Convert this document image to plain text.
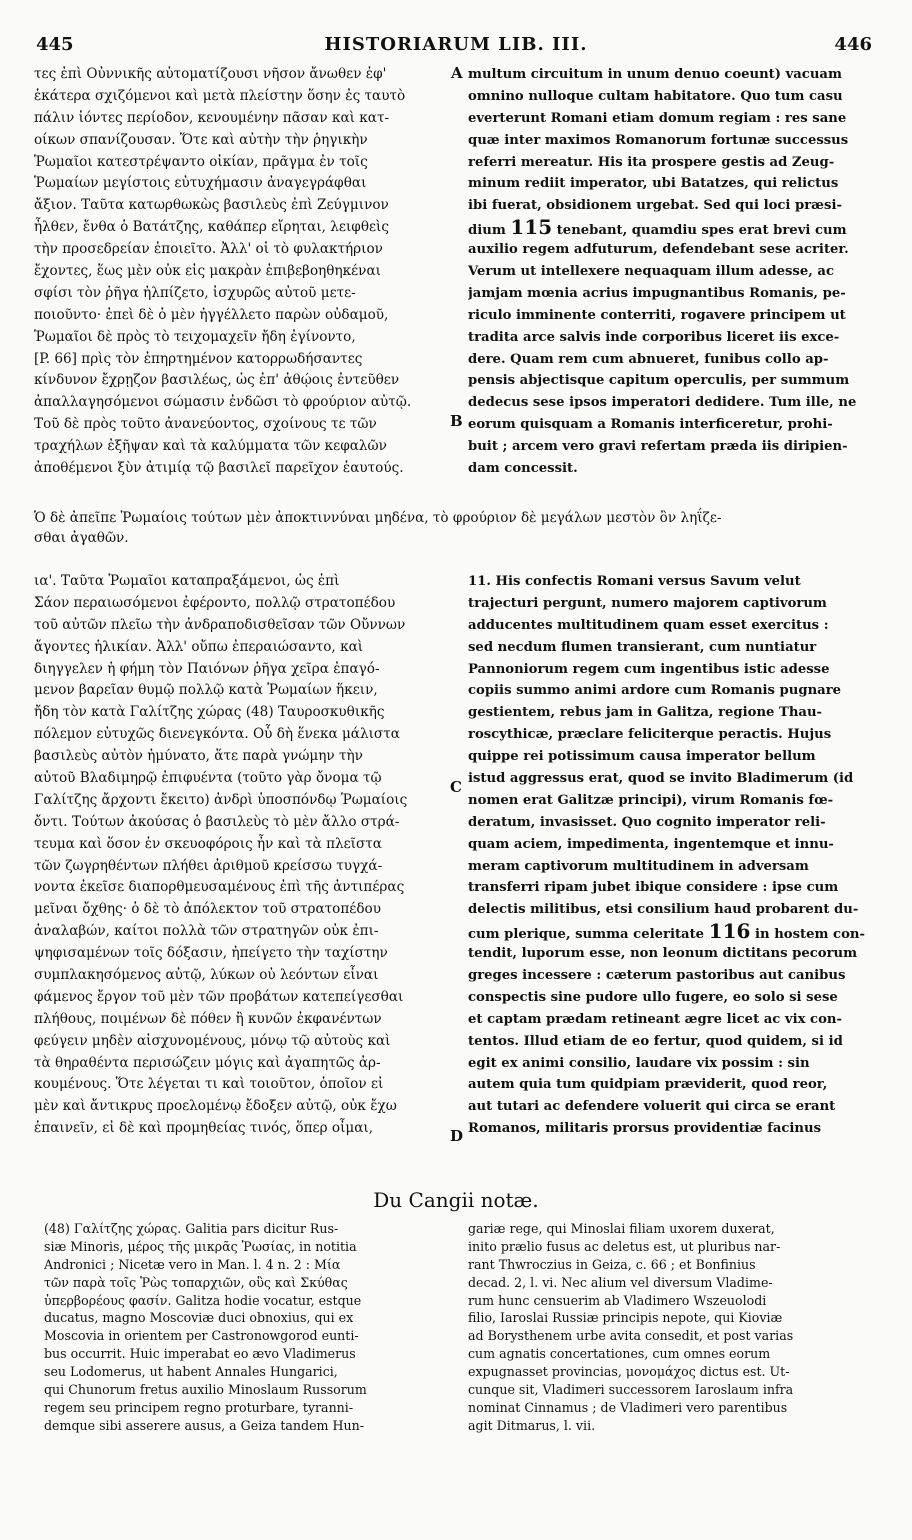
445	HISTORIARUM LIB. III.	446
A
B
C
D
τες ἐπὶ Οὐννικῆς αὐτοματίζουσι νῆσον ἄνωθεν ἐφ'
ἑκάτερα σχιζόμενοι καὶ μετὰ πλείστην ὅσην ἐς ταυτὸ
πάλιν ἰόντες περίοδον, κενουμένην πᾶσαν καὶ κατ-
οίκων σπανίζουσαν. Ὅτε καὶ αὐτὴν τὴν ῥηγικὴν
Ῥωμαῖοι κατεστρέψαντο οἰκίαν, πρᾶγμα ἐν τοῖς
Ῥωμαίων μεγίστοις εὐτυχήμασιν ἀναγεγράφθαι
ἄξιον. Ταῦτα κατωρθωκὼς βασιλεὺς ἐπὶ Ζεύγμινον
ἦλθεν, ἔνθα ὁ Βατάτζης, καθάπερ εἴρηται, λειφθεὶς
τὴν προσεδρείαν ἐποιεῖτο. Ἀλλ' οἱ τὸ φυλακτήριον
ἔχοντες, ἕως μὲν οὐκ εἰς μακρὰν ἐπιβεβοηθηκέναι
σφίσι τὸν ῥῆγα ἠλπίζετο, ἰσχυρῶς αὐτοῦ μετε-
ποιοῦντο· ἐπεὶ δὲ ὁ μὲν ἠγγέλλετο παρὼν οὐδαμοῦ,
Ῥωμαῖοι δὲ πρὸς τὸ τειχομαχεῖν ἤδη ἐγίνοντο,
[P. 66] πρὶς τὸν ἐπηρτημένον κατορρωδήσαντες
κίνδυνον ἔχρῃζον βασιλέως, ὡς ἐπ' ἀθῴοις ἐντεῦθεν
ἀπαλλαγησόμενοι σώμασιν ἐνδῶσι τὸ φρούριον αὐτῷ.
Τοῦ δὲ πρὸς τοῦτο ἀνανεύοντος, σχοίνους τε τῶν
τραχήλων ἐξῆψαν καὶ τὰ καλύμματα τῶν κεφαλῶν
ἀποθέμενοι ξὺν ἀτιμίᾳ τῷ βασιλεῖ παρεῖχον ἑαυτούς.
multum circuitum in unum denuo coeunt) vacuam
omnino nulloque cultam habitatore. Quo tum casu
everterunt Romani etiam domum regiam : res sane
quæ inter maximos Romanorum fortunæ successus
referri mereatur. His ita prospere gestis ad Zeug-
minum rediit imperator, ubi Batatzes, qui relictus
ibi fuerat, obsidionem urgebat. Sed qui loci præsi-
dium 115 tenebant, quamdiu spes erat brevi cum
auxilio regem adfuturum, defendebant sese acriter.
Verum ut intellexere nequaquam illum adesse, ac
jamjam mœnia acrius impugnantibus Romanis, pe-
riculo imminente conterriti, rogavere principem ut
tradita arce salvis inde corporibus liceret iis exce-
dere. Quam rem cum abnueret, funibus collo ap-
pensis abjectisque capitum operculis, per summum
dedecus sese ipsos imperatori dedidere. Tum ille, ne
eorum quisquam a Romanis interficeretur, prohi-
buit ; arcem vero gravi refertam præda iis diripien-
dam concessit.
Ὁ δὲ ἀπεῖπε Ῥωμαίοις τούτων μὲν ἀποκτιννύναι μηδένα, τὸ φρούριον δὲ μεγάλων μεστὸν ὂν ληΐζε-
σθαι ἀγαθῶν.
ια'. Ταῦτα Ῥωμαῖοι καταπραξάμενοι, ὡς ἐπὶ
Σάον περαιωσόμενοι ἐφέροντο, πολλῷ στρατοπέδου
τοῦ αὐτῶν πλεῖω τὴν ἀνδραποδισθεῖσαν τῶν Οὔννων
ἄγοντες ἡλικίαν. Ἀλλ' οὔπω ἐπεραιώσαντο, καὶ
διηγγελεν ἡ φήμη τὸν Παιόνων ῥῆγα χεῖρα ἐπαγό-
μενον βαρεῖαν θυμῷ πολλῷ κατὰ Ῥωμαίων ἥκειν,
ἤδη τὸν κατὰ Γαλίτζης χώρας (48) Ταυροσκυθικῆς
πόλεμον εὐτυχῶς διενεγκόντα. Οὗ δὴ ἕνεκα μάλιστα
βασιλεὺς αὐτὸν ἠμύνατο, ἅτε παρὰ γνώμην τὴν
αὐτοῦ Βλαδιμηρῷ ἐπιφυέντα (τοῦτο γὰρ ὄνομα τῷ
Γαλίτζης ἄρχοντι ἔκειτο) ἀνδρὶ ὑποσπόνδῳ Ῥωμαίοις
ὄντι. Τούτων ἀκούσας ὁ βασιλεὺς τὸ μὲν ἄλλο στρά-
τευμα καὶ ὅσον ἐν σκευοφόροις ἦν καὶ τὰ πλεῖστα
τῶν ζωγρηθέντων πλήθει ἀριθμοῦ κρείσσω τυγχά-
νοντα ἐκεῖσε διαπορθμευσαμένους ἐπὶ τῆς ἀντιπέρας
μεῖναι ὄχθης· ὁ δὲ τὸ ἀπόλεκτον τοῦ στρατοπέδου
ἀναλαβών, καίτοι πολλὰ τῶν στρατηγῶν οὐκ ἐπι-
ψηφισαμένων τοῖς δόξασιν, ἠπείγετο τὴν ταχίστην
συμπλακησόμενος αὐτῷ, λύκων οὐ λεόντων εἶναι
φάμενος ἔργον τοῦ μὲν τῶν προβάτων κατεπείγεσθαι
πλήθους, ποιμένων δὲ πόθεν ἢ κυνῶν ἐκφανέντων
φεύγειν μηδὲν αἰσχυνομένους, μόνῳ τῷ αὐτοὺς καὶ
τὰ θηραθέντα περισώζειν μόγις καὶ ἀγαπητῶς ἀρ-
κουμένους. Ὅτε λέγεται τι καὶ τοιοῦτον, ὁποῖον εἰ
μὲν καὶ ἄντικρυς προελομένῳ ἔδοξεν αὐτῷ, οὐκ ἔχω
ἐπαινεῖν, εἰ δὲ καὶ προμηθείας τινός, ὅπερ οἶμαι,
11. His confectis Romani versus Savum velut
trajecturi pergunt, numero majorem captivorum
adducentes multitudinem quam esset exercitus :
sed necdum flumen transierant, cum nuntiatur
Pannoniorum regem cum ingentibus istic adesse
copiis summo animi ardore cum Romanis pugnare
gestientem, rebus jam in Galitza, regione Thau-
roscythicæ, præclare feliciterque peractis. Hujus
quippe rei potissimum causa imperator bellum
istud aggressus erat, quod se invito Bladimerum (id
nomen erat Galitzæ principi), virum Romanis fœ-
deratum, invasisset. Quo cognito imperator reli-
quam aciem, impedimenta, ingentemque et innu-
meram captivorum multitudinem in adversam
transferri ripam jubet ibique considere : ipse cum
delectis militibus, etsi consilium haud probarent du-
cum plerique, summa celeritate 116 in hostem con-
tendit, luporum esse, non leonum dictitans pecorum
greges incessere : cæterum pastoribus aut canibus
conspectis sine pudore ullo fugere, eo solo si sese
et captam prædam retineant ægre licet ac vix con-
tentos. Illud etiam de eo fertur, quod quidem, si id
egit ex animi consilio, laudare vix possim : sin
autem quia tum quidpiam præviderit, quod reor,
aut tutari ac defendere voluerit qui circa se erant
Romanos, militaris prorsus providentiæ facinus
Du Cangii notæ.
(48) Γαλίτζης χώρας. Galitia pars dicitur Rus-
siæ Minoris, μέρος τῆς μικρᾶς Ῥωσίας, in notitia
Andronici ; Nicetæ vero in Man. l. 4 n. 2 : Μία
τῶν παρὰ τοῖς Ῥὼς τοπαρχιῶν, οὓς καὶ Σκύθας
ὑπερβορέους φασίν. Galitza hodie vocatur, estque
ducatus, magno Moscoviæ duci obnoxius, qui ex
Moscovia in orientem per Castronowgorod eunti-
bus occurrit. Huic imperabat eo ævo Vladimerus
seu Lodomerus, ut habent Annales Hungarici,
qui Chunorum fretus auxilio Minoslaum Russorum
regem seu principem regno proturbare, tyranni-
demque sibi asserere ausus, a Geiza tandem Hun-
gariæ rege, qui Minoslai filiam uxorem duxerat,
inito prælio fusus ac deletus est, ut pluribus nar-
rant Thwroczius in Geiza, c. 66 ; et Bonfinius
decad. 2, l. vi. Nec alium vel diversum Vladime-
rum hunc censuerim ab Vladimero Wszeuolodi
filio, Iaroslai Russiæ principis nepote, qui Kioviæ
ad Borysthenem urbe avita consedit, et post varias
cum agnatis concertationes, cum omnes eorum
expugnasset provincias, μονομάχος dictus est. Ut-
cunque sit, Vladimeri successorem Iaroslaum infra
nominat Cinnamus ; de Vladimeri vero parentibus
agit Ditmarus, l. vii.
